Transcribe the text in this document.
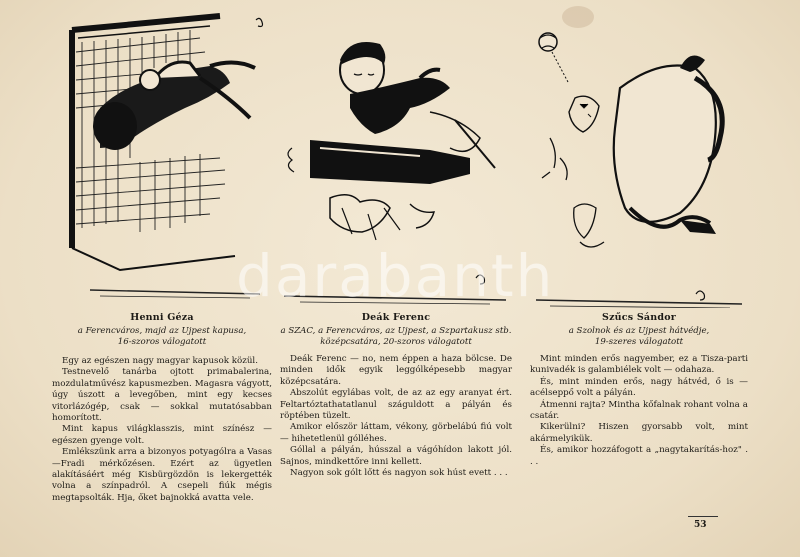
Henni Géza
a Ferencváros, majd az Ujpest kapusa,
16-szoros válogatott

Egy az egészen nagy magyar kapusok közül.

Testnevelő tanárba ojtott primabalerina, mozdulatművész kapusmezben. Magasra vágyott, úgy úszott a levegőben, mint egy kecses vitorlázógép, csak — sokkal mutatósabban homorított.

Mint kapus világklasszis, mint színész — egészen gyenge volt.

Emlékszünk arra a bizonyos potyagólra a Vasas—Fradi mérkőzésen. Ezért az ügyetlen alakításáért még Kisbürgözdön is lekergették volna a színpadról. A csepeli fiúk mégis megtapsolták. Hja, őket bajnokká avatta vele.

Deák Ferenc
a SZAC, a Ferencváros, az Ujpest, a Szpartakusz stb.
középcsatára, 20-szoros válogatott

Deák Ferenc — no, nem éppen a haza bölcse. De minden idők egyik leggólképesebb magyar középcsatára.

Abszolút egylábas volt, de az az egy aranyat ért. Feltartóztathatatlanul száguldott a pályán és röptében tüzelt.

Amikor először láttam, vékony, görbelábú fiú volt — hihetetlenül gólléhes.

Góllal a pályán, hússzal a vágóhídon lakott jól. Sajnos, mindkettőre inni kellett.

Nagyon sok gólt lőtt és nagyon sok húst evett . . .

Szűcs Sándor
a Szolnok és az Ujpest hátvédje,
19-szeres válogatott

Mint minden erős nagyember, ez a Tisza-parti kunivadék is galambiélek volt — odahaza.

És, mint minden erős, nagy hátvéd, ő is — acélsepрő volt a pályán.

Átmenni rajta? Mintha kőfalnak rohant volna a csatár.

Kikerülni? Hiszen gyorsabb volt, mint akármelyikük.

És, amikor hozzáfogott a „nagytakarítás-hoz" . . .

53
darabanth
